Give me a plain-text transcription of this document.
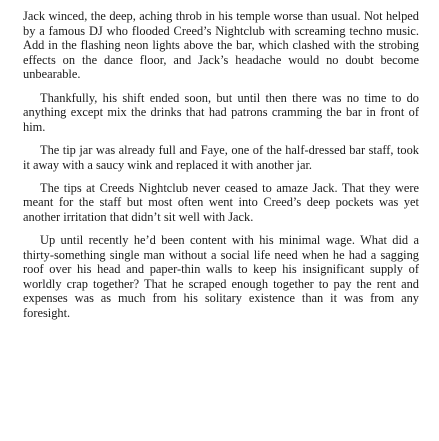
Jack winced, the deep, aching throb in his temple worse than usual. Not helped by a famous DJ who flooded Creed’s Nightclub with screaming techno music. Add in the flashing neon lights above the bar, which clashed with the strobing effects on the dance floor, and Jack’s headache would no doubt become unbearable.

Thankfully, his shift ended soon, but until then there was no time to do anything except mix the drinks that had patrons cramming the bar in front of him.

The tip jar was already full and Faye, one of the half-dressed bar staff, took it away with a saucy wink and replaced it with another jar.

The tips at Creeds Nightclub never ceased to amaze Jack. That they were meant for the staff but most often went into Creed’s deep pockets was yet another irritation that didn’t sit well with Jack.

Up until recently he’d been content with his minimal wage. What did a thirty-something single man without a social life need when he had a sagging roof over his head and paper-thin walls to keep his insignificant supply of worldly crap together? That he scraped enough together to pay the rent and expenses was as much from his solitary existence than it was from any foresight.
